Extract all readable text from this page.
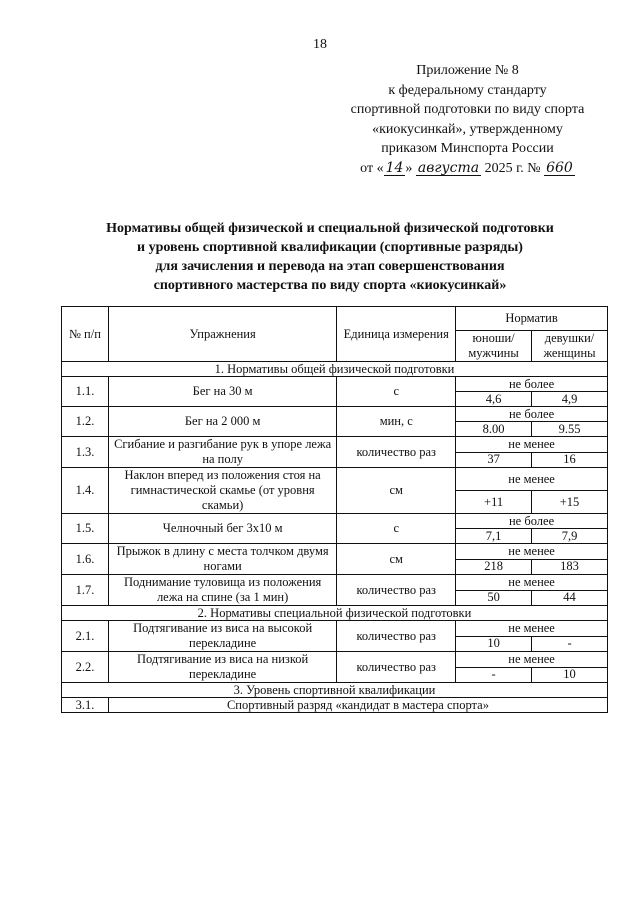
18
Приложение № 8
к федеральному стандарту
спортивной подготовки по виду спорта
«киокусинкай», утвержденному
приказом Минспорта России
от « 14 » августа 2025 г. № 660
Нормативы общей физической и специальной физической подготовки
и уровень спортивной квалификации (спортивные разряды)
для зачисления и перевода на этап совершенствования
спортивного мастерства по виду спорта «киокусинкай»
№ п/п	Упражнения	Единица измерения	Норматив	
			юноши/ мужчины	девушки/ женщины
1. Нормативы общей физической подготовки				
1.1.	Бег на 30 м	с	не более	
			4,6	4,9
1.2.	Бег на 2 000 м	мин, с	не более	
			8.00	9.55
1.3.	Сгибание и разгибание рук в упоре лежа на полу	количество раз	не менее	
			37	16
1.4.	Наклон вперед из положения стоя на гимнастической скамье (от уровня скамьи)	см	не менее	
			+11	+15
1.5.	Челночный бег 3х10 м	с	не более	
			7,1	7,9
1.6.	Прыжок в длину с места толчком двумя ногами	см	не менее	
			218	183
1.7.	Поднимание туловища из положения лежа на спине (за 1 мин)	количество раз	не менее	
			50	44
2. Нормативы специальной физической подготовки				
2.1.	Подтягивание из виса на высокой перекладине	количество раз	не менее	
			10	-
2.2.	Подтягивание из виса на низкой перекладине	количество раз	не менее	
			-	10
3. Уровень спортивной квалификации				
3.1.	Спортивный разряд «кандидат в мастера спорта»			
